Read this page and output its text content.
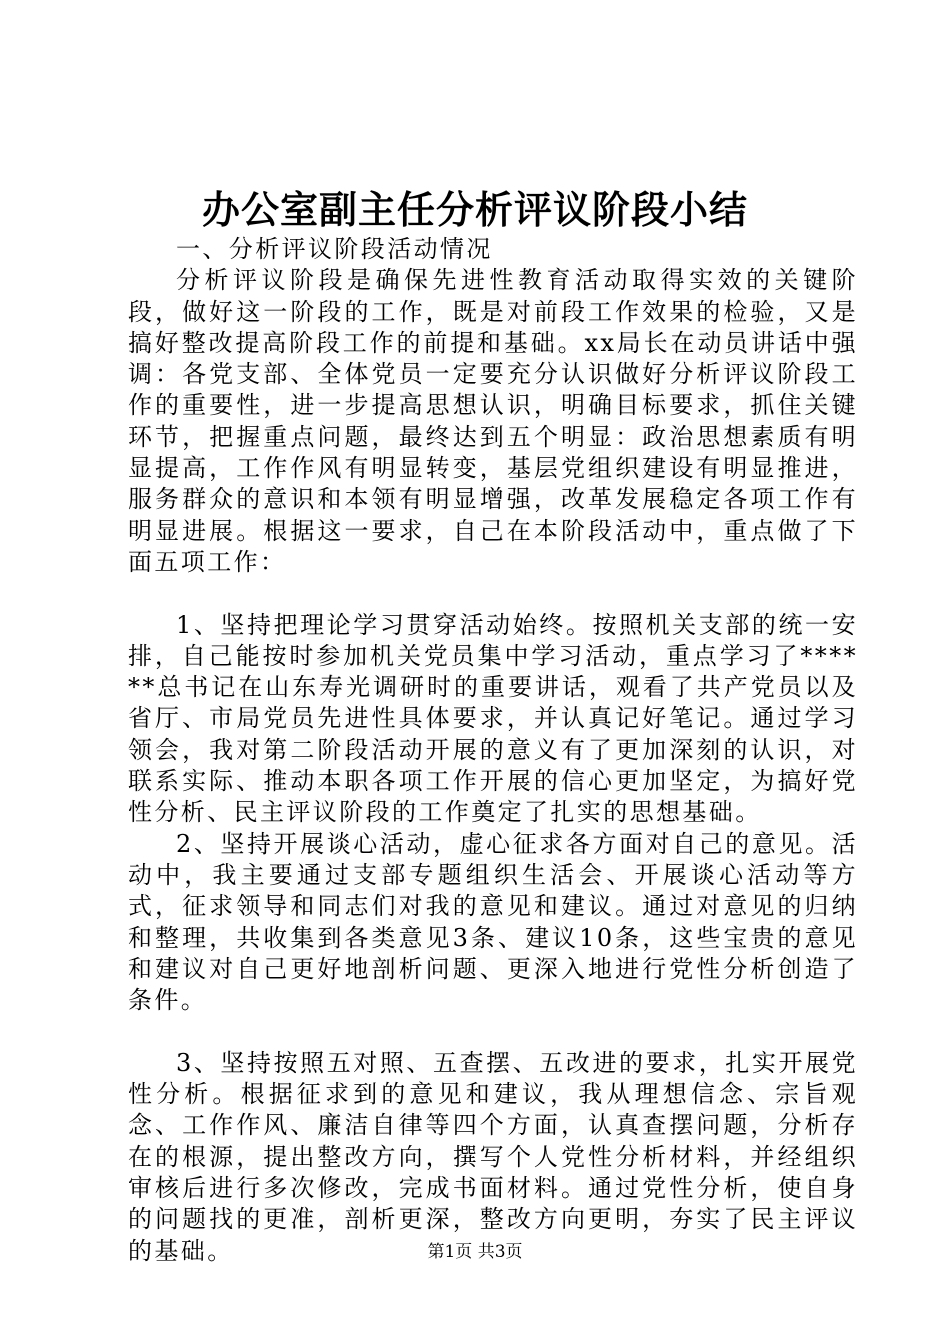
办公室副主任分析评议阶段小结

一、分析评议阶段活动情况

分析评议阶段是确保先进性教育活动取得实效的关键阶段，做好这一阶段的工作，既是对前段工作效果的检验，又是搞好整改提高阶段工作的前提和基础。xx局长在动员讲话中强调：各党支部、全体党员一定要充分认识做好分析评议阶段工作的重要性，进一步提高思想认识，明确目标要求，抓住关键环节，把握重点问题，最终达到五个明显：政治思想素质有明显提高，工作作风有明显转变，基层党组织建设有明显推进，服务群众的意识和本领有明显增强，改革发展稳定各项工作有明显进展。根据这一要求，自己在本阶段活动中，重点做了下面五项工作：

1、坚持把理论学习贯穿活动始终。按照机关支部的统一安排，自己能按时参加机关党员集中学习活动，重点学习了******总书记在山东寿光调研时的重要讲话，观看了共产党员以及省厅、市局党员先进性具体要求，并认真记好笔记。通过学习领会，我对第二阶段活动开展的意义有了更加深刻的认识，对联系实际、推动本职各项工作开展的信心更加坚定，为搞好党性分析、民主评议阶段的工作奠定了扎实的思想基础。

2、坚持开展谈心活动，虚心征求各方面对自己的意见。活动中，我主要通过支部专题组织生活会、开展谈心活动等方式，征求领导和同志们对我的意见和建议。通过对意见的归纳和整理，共收集到各类意见3条、建议10条，这些宝贵的意见和建议对自己更好地剖析问题、更深入地进行党性分析创造了条件。

3、坚持按照五对照、五查摆、五改进的要求，扎实开展党性分析。根据征求到的意见和建议，我从理想信念、宗旨观念、工作作风、廉洁自律等四个方面，认真查摆问题，分析存在的根源，提出整改方向，撰写个人党性分析材料，并经组织审核后进行多次修改，完成书面材料。通过党性分析，使自身的问题找的更准，剖析更深，整改方向更明，夯实了民主评议的基础。	第1页 共3页
